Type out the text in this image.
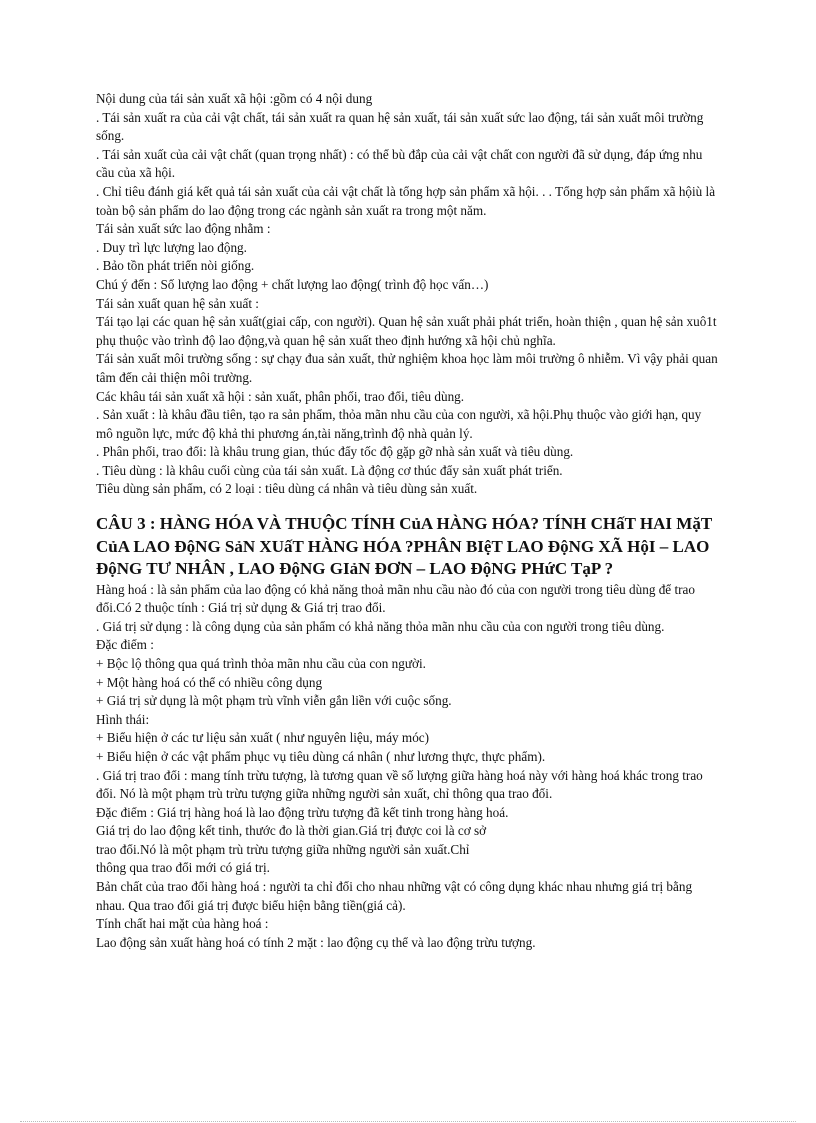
Nội dung của tái sản xuất xã hội :gồm có 4 nội dung

. Tái sản xuất ra của cải vật chất, tái sản xuất ra quan hệ sản xuất, tái sản xuất sức lao động, tái sản xuất môi trường sống.

. Tái sản xuất của cải vật chất (quan trọng nhất) : có thể bù đắp của cải vật chất con người đã sử dụng, đáp ứng nhu cầu của xã hội.

. Chỉ tiêu đánh giá kết quả tái sản xuất của cải vật chất là tổng hợp sản phẩm xã hội. . . Tổng hợp sản phẩm xã hộiù là toàn bộ sản phẩm do lao động trong các ngành sản xuất ra trong một năm.

Tái sản xuất sức lao động nhằm :

. Duy trì lực lượng lao động.

. Bảo tồn phát triển nòi giống.

Chú ý đến : Số lượng lao động + chất lượng lao động( trình độ học vấn…)

Tái sản xuất quan hệ sản xuất :

Tái tạo lại các quan hệ sản xuất(giai cấp, con người). Quan hệ sản xuất phải phát triển, hoàn thiện , quan hệ sản xuô1t phụ thuộc vào trình độ lao động,và quan hệ sản xuất theo định hướng xã hội chủ nghĩa.

Tái sản xuất môi trường sống : sự chạy đua sản xuất, thử nghiệm khoa học làm môi trường ô nhiễm. Vì vậy phải quan tâm đến cải thiện môi trường.

Các khâu tái sản xuất xã hội : sản xuất, phân phối, trao đổi, tiêu dùng.

. Sản xuất : là khâu đầu tiên, tạo ra sản phẩm, thỏa mãn nhu cầu của con người, xã hội.Phụ thuộc vào giới hạn, quy mô nguồn lực, mức độ khả thi phương án,tài năng,trình độ nhà quản lý.

. Phân phối, trao đổi: là khâu trung gian, thúc đẩy tốc độ gặp gỡ nhà sản xuất và tiêu dùng.

. Tiêu dùng : là khâu cuối cùng của tái sản xuất. Là động cơ thúc đẩy sản xuất phát triển.

Tiêu dùng sản phẩm, có 2 loại : tiêu dùng cá nhân và tiêu dùng sản xuất.

CÂU 3 : HÀNG HÓA VÀ THUỘC TÍNH CủA HÀNG HÓA? TÍNH CHấT HAI MặT CủA LAO ĐộNG SảN XUấT HÀNG HÓA ?PHÂN BIệT LAO ĐộNG XÃ HộI – LAO ĐộNG TƯ NHÂN , LAO ĐộNG GIảN ĐƠN – LAO ĐộNG PHứC TạP ?

Hàng hoá : là sản phẩm của lao động có khả năng thoả mãn nhu cầu nào đó của con người trong tiêu dùng để trao đổi.Có 2 thuộc tính : Giá trị sử dụng & Giá trị trao đổi.

. Giá trị sử dụng : là công dụng của sản phẩm có khả năng thỏa mãn nhu cầu của con người trong tiêu dùng.

Đặc điểm :

+ Bộc lộ thông qua quá trình thỏa mãn nhu cầu của con người.

+ Một hàng hoá có thể có nhiều công dụng

+ Giá trị sử dụng là một phạm trù vĩnh viễn gắn liền với cuộc sống.

Hình thái:

+ Biểu hiện ở các tư liệu sản xuất ( như nguyên liệu, máy móc)

+ Biểu hiện ở các vật phẩm phục vụ tiêu dùng cá nhân ( như lương thực, thực phẩm).

. Giá trị trao đổi : mang tính trừu tượng, là tương quan về số lượng giữa hàng hoá này với hàng hoá khác trong trao đổi. Nó là một phạm trù trừu tượng giữa những người sản xuất, chỉ thông qua trao đổi.

Đặc điểm : Giá trị hàng hoá là lao động trừu tượng đã kết tinh trong hàng hoá.

Giá trị do lao động kết tinh, thước đo là thời gian.Giá trị được coi là cơ sở

trao đổi.Nó là một phạm trù trừu tượng giữa những người sản xuất.Chỉ

thông qua trao đổi mới có giá trị.

Bản chất của trao đổi hàng hoá : người ta chỉ đổi cho nhau những vật có công dụng khác nhau nhưng giá trị bằng nhau. Qua trao đổi giá trị được biểu hiện bằng tiền(giá cả).

Tính chất hai mặt của hàng hoá :

Lao động sản xuất hàng hoá có tính 2 mặt : lao động cụ thể và lao động trừu tượng.
